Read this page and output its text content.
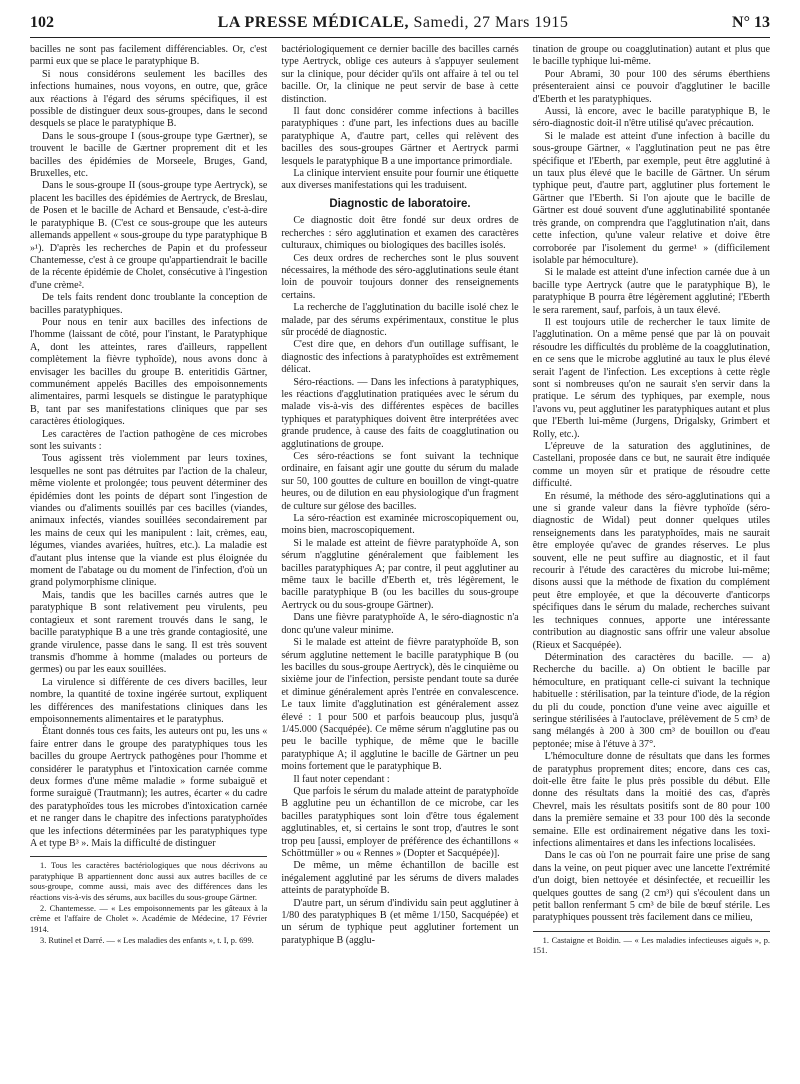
102	LA PRESSE MÉDICALE, Samedi, 27 Mars 1915	N° 13

bacilles ne sont pas facilement différenciables. Or, c'est parmi eux que se place le paratyphique B.

Si nous considérons seulement les bacilles des infections humaines, nous voyons, en outre, que, grâce aux réactions à l'égard des sérums spécifiques, il est possible de distinguer deux sous-groupes, dans le second desquels se place le paratyphique B.

Dans le sous-groupe I (sous-groupe type Gærtner), se trouvent le bacille de Gærtner proprement dit et les bacilles des épidémies de Morseele, Bruges, Gand, Bruxelles, etc.

Dans le sous-groupe II (sous-groupe type Aertryck), se placent les bacilles des épidémies de Aertryck, de Breslau, de Posen et le bacille de Achard et Bensaude, c'est-à-dire le paratyphique B. (C'est ce sous-groupe que les auteurs allemands appellent « sous-groupe du type paratyphique B »¹). D'après les recherches de Papin et du professeur Chantemesse, c'est à ce groupe qu'appartiendrait le bacille de la récente épidémie de Cholet, consécutive à l'ingestion d'une crème².

De tels faits rendent donc troublante la conception de bacilles paratyphiques.

Pour nous en tenir aux bacilles des infections de l'homme (laissant de côté, pour l'instant, le Paratyphique A, dont les atteintes, rares d'ailleurs, rappellent complètement la fièvre typhoïde), nous avons donc à envisager les bacilles du groupe B. enteritidis Gärtner, communément appelés Bacilles des empoisonnements alimentaires, parmi lesquels se distingue le paratyphique B, tant par ses manifestations cliniques que par ses caractères étiologiques.

Les caractères de l'action pathogène de ces microbes sont les suivants :

Tous agissent très violemment par leurs toxines, lesquelles ne sont pas détruites par l'action de la chaleur, même violente et prolongée; tous peuvent déterminer des épidémies dont les points de départ sont l'ingestion de viandes ou d'aliments souillés par ces bacilles (viandes, animaux infectés, viandes souillées secondairement par les mains de ceux qui les manipulent : lait, crèmes, eau, légumes, viandes avariées, huîtres, etc.). La maladie est d'autant plus intense que la viande est plus éloignée du moment de l'abatage ou du moment de l'infection, d'où un grand polymorphisme clinique.

Mais, tandis que les bacilles carnés autres que le paratyphique B sont relativement peu virulents, peu contagieux et sont rarement trouvés dans le sang, le bacille paratyphique B a une très grande contagiosité, une grande virulence, passe dans le sang. Il est très souvent transmis d'homme à homme (malades ou porteurs de germes) ou par les eaux souillées.

La virulence si différente de ces divers bacilles, leur nombre, la quantité de toxine ingérée surtout, expliquent les différences des manifestations cliniques dans les empoisonnements alimentaires et le paratyphus.

Étant donnés tous ces faits, les auteurs ont pu, les uns « faire entrer dans le groupe des paratyphiques tous les bacilles du groupe Aertryck pathogènes pour l'homme et considérer le paratyphus et l'intoxication carnée comme deux formes d'une même maladie » forme subaiguë et forme suraiguë (Trautmann); les autres, écarter « du cadre des paratyphoïdes tous les microbes d'intoxication carnée et ne ranger dans le chapitre des infections paratyphoïdes que les infections déterminées par les paratyphiques type A et type B³ ». Mais la difficulté de distinguer

1. Tous les caractères bactériologiques que nous décrivons au paratyphique B appartiennent donc aussi aux autres bacilles de ce sous-groupe, comme aussi, mais avec des différences dans les réactions vis-à-vis des sérums, aux bacilles du sous-groupe Gärtner.

2. Chantemesse. — « Les empoisonnements par les gâteaux à la crème et l'affaire de Cholet ». Académie de Médecine, 17 Février 1914.

3. Rutinel et Darré. — « Les maladies des enfants », t. I, p. 699.

bactériologiquement ce dernier bacille des bacilles carnés type Aertryck, oblige ces auteurs à s'appuyer seulement sur la clinique, pour décider qu'ils ont affaire à tel ou tel bacille. Or, la clinique ne peut servir de base à cette distinction.

Il faut donc considérer comme infections à bacilles paratyphiques : d'une part, les infections dues au bacille paratyphique A, d'autre part, celles qui relèvent des bacilles des sous-groupes Gärtner et Aertryck parmi lesquels le paratyphique B a une importance primordiale.

La clinique intervient ensuite pour fournir une étiquette aux diverses manifestations qui les traduisent.

Diagnostic de laboratoire.

Ce diagnostic doit être fondé sur deux ordres de recherches : séro agglutination et examen des caractères culturaux, chimiques ou biologiques des bacilles isolés.

Ces deux ordres de recherches sont le plus souvent nécessaires, la méthode des séro-agglutinations seule étant loin de pouvoir toujours donner des renseignements certains.

La recherche de l'agglutination du bacille isolé chez le malade, par des sérums expérimentaux, constitue le plus sûr procédé de diagnostic.

C'est dire que, en dehors d'un outillage suffisant, le diagnostic des infections à paratyphoïdes est extrêmement délicat.

Séro-réactions. — Dans les infections à paratyphiques, les réactions d'agglutination pratiquées avec le sérum du malade vis-à-vis des différentes espèces de bacilles typhiques et paratyphiques doivent être interprétées avec grande prudence, à cause des faits de coagglutination ou agglutinations de groupe.

Ces séro-réactions se font suivant la technique ordinaire, en faisant agir une goutte du sérum du malade sur 50, 100 gouttes de culture en bouillon de vingt-quatre heures, ou de dilution en eau physiologique d'un fragment de culture sur gélose des bacilles.

La séro-réaction est examinée microscopiquement ou, moins bien, macroscopiquement.

Si le malade est atteint de fièvre paratyphoïde A, son sérum n'agglutine généralement que faiblement les bacilles paratyphiques A; par contre, il peut agglutiner au même taux le bacille d'Eberth et, très légèrement, le bacille paratyphique B (ou les bacilles du sous-groupe Aertryck ou du sous-groupe Gärtner).

Dans une fièvre paratyphoïde A, le séro-diagnostic n'a donc qu'une valeur minime.

Si le malade est atteint de fièvre paratyphoïde B, son sérum agglutine nettement le bacille paratyphique B (ou les bacilles du sous-groupe Aertryck), dès le cinquième ou sixième jour de l'infection, persiste pendant toute sa durée et diminue généralement après l'entrée en convalescence. Le taux limite d'agglutination est généralement assez élevé : 1 pour 500 et parfois beaucoup plus, jusqu'à 1/45.000 (Sacquépée). Ce même sérum n'agglutine pas ou peu le bacille typhique, de même que le bacille paratyphique A; il agglutine le bacille de Gärtner un peu moins fortement que le paratyphique B.

Il faut noter cependant :

Que parfois le sérum du malade atteint de paratyphoïde B agglutine peu un échantillon de ce microbe, car les bacilles paratyphiques sont loin d'être tous également agglutinables, et, si certains le sont trop, d'autres le sont trop peu [aussi, employer de préférence des échantillons « Schöttmüller » ou « Rennes » (Dopter et Sacquépée)].

De même, un même échantillon de bacille est inégalement agglutiné par les sérums de divers malades atteints de paratyphoïde B.

D'autre part, un sérum d'individu sain peut agglutiner à 1/80 des paratyphiques B (et même 1/150, Sacquépée) et un sérum de typhique peut agglutiner fortement un paratyphique B (agglu-

tination de groupe ou coagglutination) autant et plus que le bacille typhique lui-même.

Pour Abrami, 30 pour 100 des sérums éberthiens présenteraient ainsi ce pouvoir d'agglutiner le bacille d'Eberth et les paratyphiques.

Aussi, là encore, avec le bacille paratyphique B, le séro-diagnostic doit-il n'être utilisé qu'avec précaution.

Si le malade est atteint d'une infection à bacille du sous-groupe Gärtner, « l'agglutination peut ne pas être spécifique et l'Eberth, par exemple, peut être agglutiné à un taux plus élevé que le bacille de Gärtner. Un sérum typhique peut, d'autre part, agglutiner plus fortement le Gärtner que l'Eberth. Si l'on ajoute que le bacille de Gärtner est doué souvent d'une agglutinabilité spontanée très grande, on comprendra que l'agglutination n'ait, dans cette infection, qu'une valeur relative et doive être corroborée par l'isolement du germe¹ » (difficilement isolable par hémoculture).

Si le malade est atteint d'une infection carnée due à un bacille type Aertryck (autre que le paratyphique B), le paratyphique B pourra être légèrement agglutiné; l'Eberth le sera rarement, sauf, parfois, à un taux élevé.

Il est toujours utile de rechercher le taux limite de l'agglutination. On a même pensé que par là on pouvait résoudre les difficultés du problème de la coagglutination, en ce sens que le microbe agglutiné au taux le plus élevé serait l'agent de l'infection. Les exceptions à cette règle sont si nombreuses qu'on ne saurait s'en servir dans la pratique. Le sérum des typhiques, par exemple, nous l'avons vu, peut agglutiner les paratyphiques autant et plus que l'Eberth lui-même (Jurgens, Drigalsky, Grimbert et Rolly, etc.).

L'épreuve de la saturation des agglutinines, de Castellani, proposée dans ce but, ne saurait être indiquée comme un moyen sûr et pratique de résoudre cette difficulté.

En résumé, la méthode des séro-agglutinations qui a une si grande valeur dans la fièvre typhoïde (séro-diagnostic de Widal) peut donner quelques utiles renseignements dans les paratyphoïdes, mais ne saurait être employée qu'avec de grandes réserves. Le plus souvent, elle ne peut suffire au diagnostic, et il faut recourir à l'étude des caractères du microbe lui-même; disons aussi que la méthode de fixation du complément peut être employée, et que la découverte d'anticorps spécifiques dans le sérum du malade, recherches suivant les techniques connues, apporte une intéressante contribution au diagnostic sans offrir une valeur absolue (Rieux et Sacquépée).

Détermination des caractères du bacille. — a) Recherche du bacille. a) On obtient le bacille par hémoculture, en pratiquant celle-ci suivant la technique habituelle : stérilisation, par la teinture d'iode, de la région du pli du coude, ponction d'une veine avec aiguille et seringue stérilisées à l'autoclave, prélèvement de 5 cm³ de sang mélangés à 200 à 300 cm³ de bouillon ou d'eau peptonée; mise à l'étuve à 37°.

L'hémoculture donne de résultats que dans les formes de paratyphus proprement dites; encore, dans ces cas, doit-elle être faite le plus près possible du début. Elle donne des résultats dans la moitié des cas, d'après Chevrel, mais les résultats positifs sont de 80 pour 100 dans la première semaine et 33 pour 100 dès la seconde semaine. Elle est ordinairement négative dans les toxi-infections alimentaires et dans les infections localisées.

Dans le cas où l'on ne pourrait faire une prise de sang dans la veine, on peut piquer avec une lancette l'extrémité d'un doigt, bien nettoyée et désinfectée, et recueillir les quelques gouttes de sang (2 cm³) qui s'écoulent dans un petit ballon renfermant 5 cm³ de bile de bœuf stérile. Les paratyphiques poussent très facilement dans ce milieu,

1. Castaigne et Boidin. — « Les maladies infectieuses aiguës », p. 151.
